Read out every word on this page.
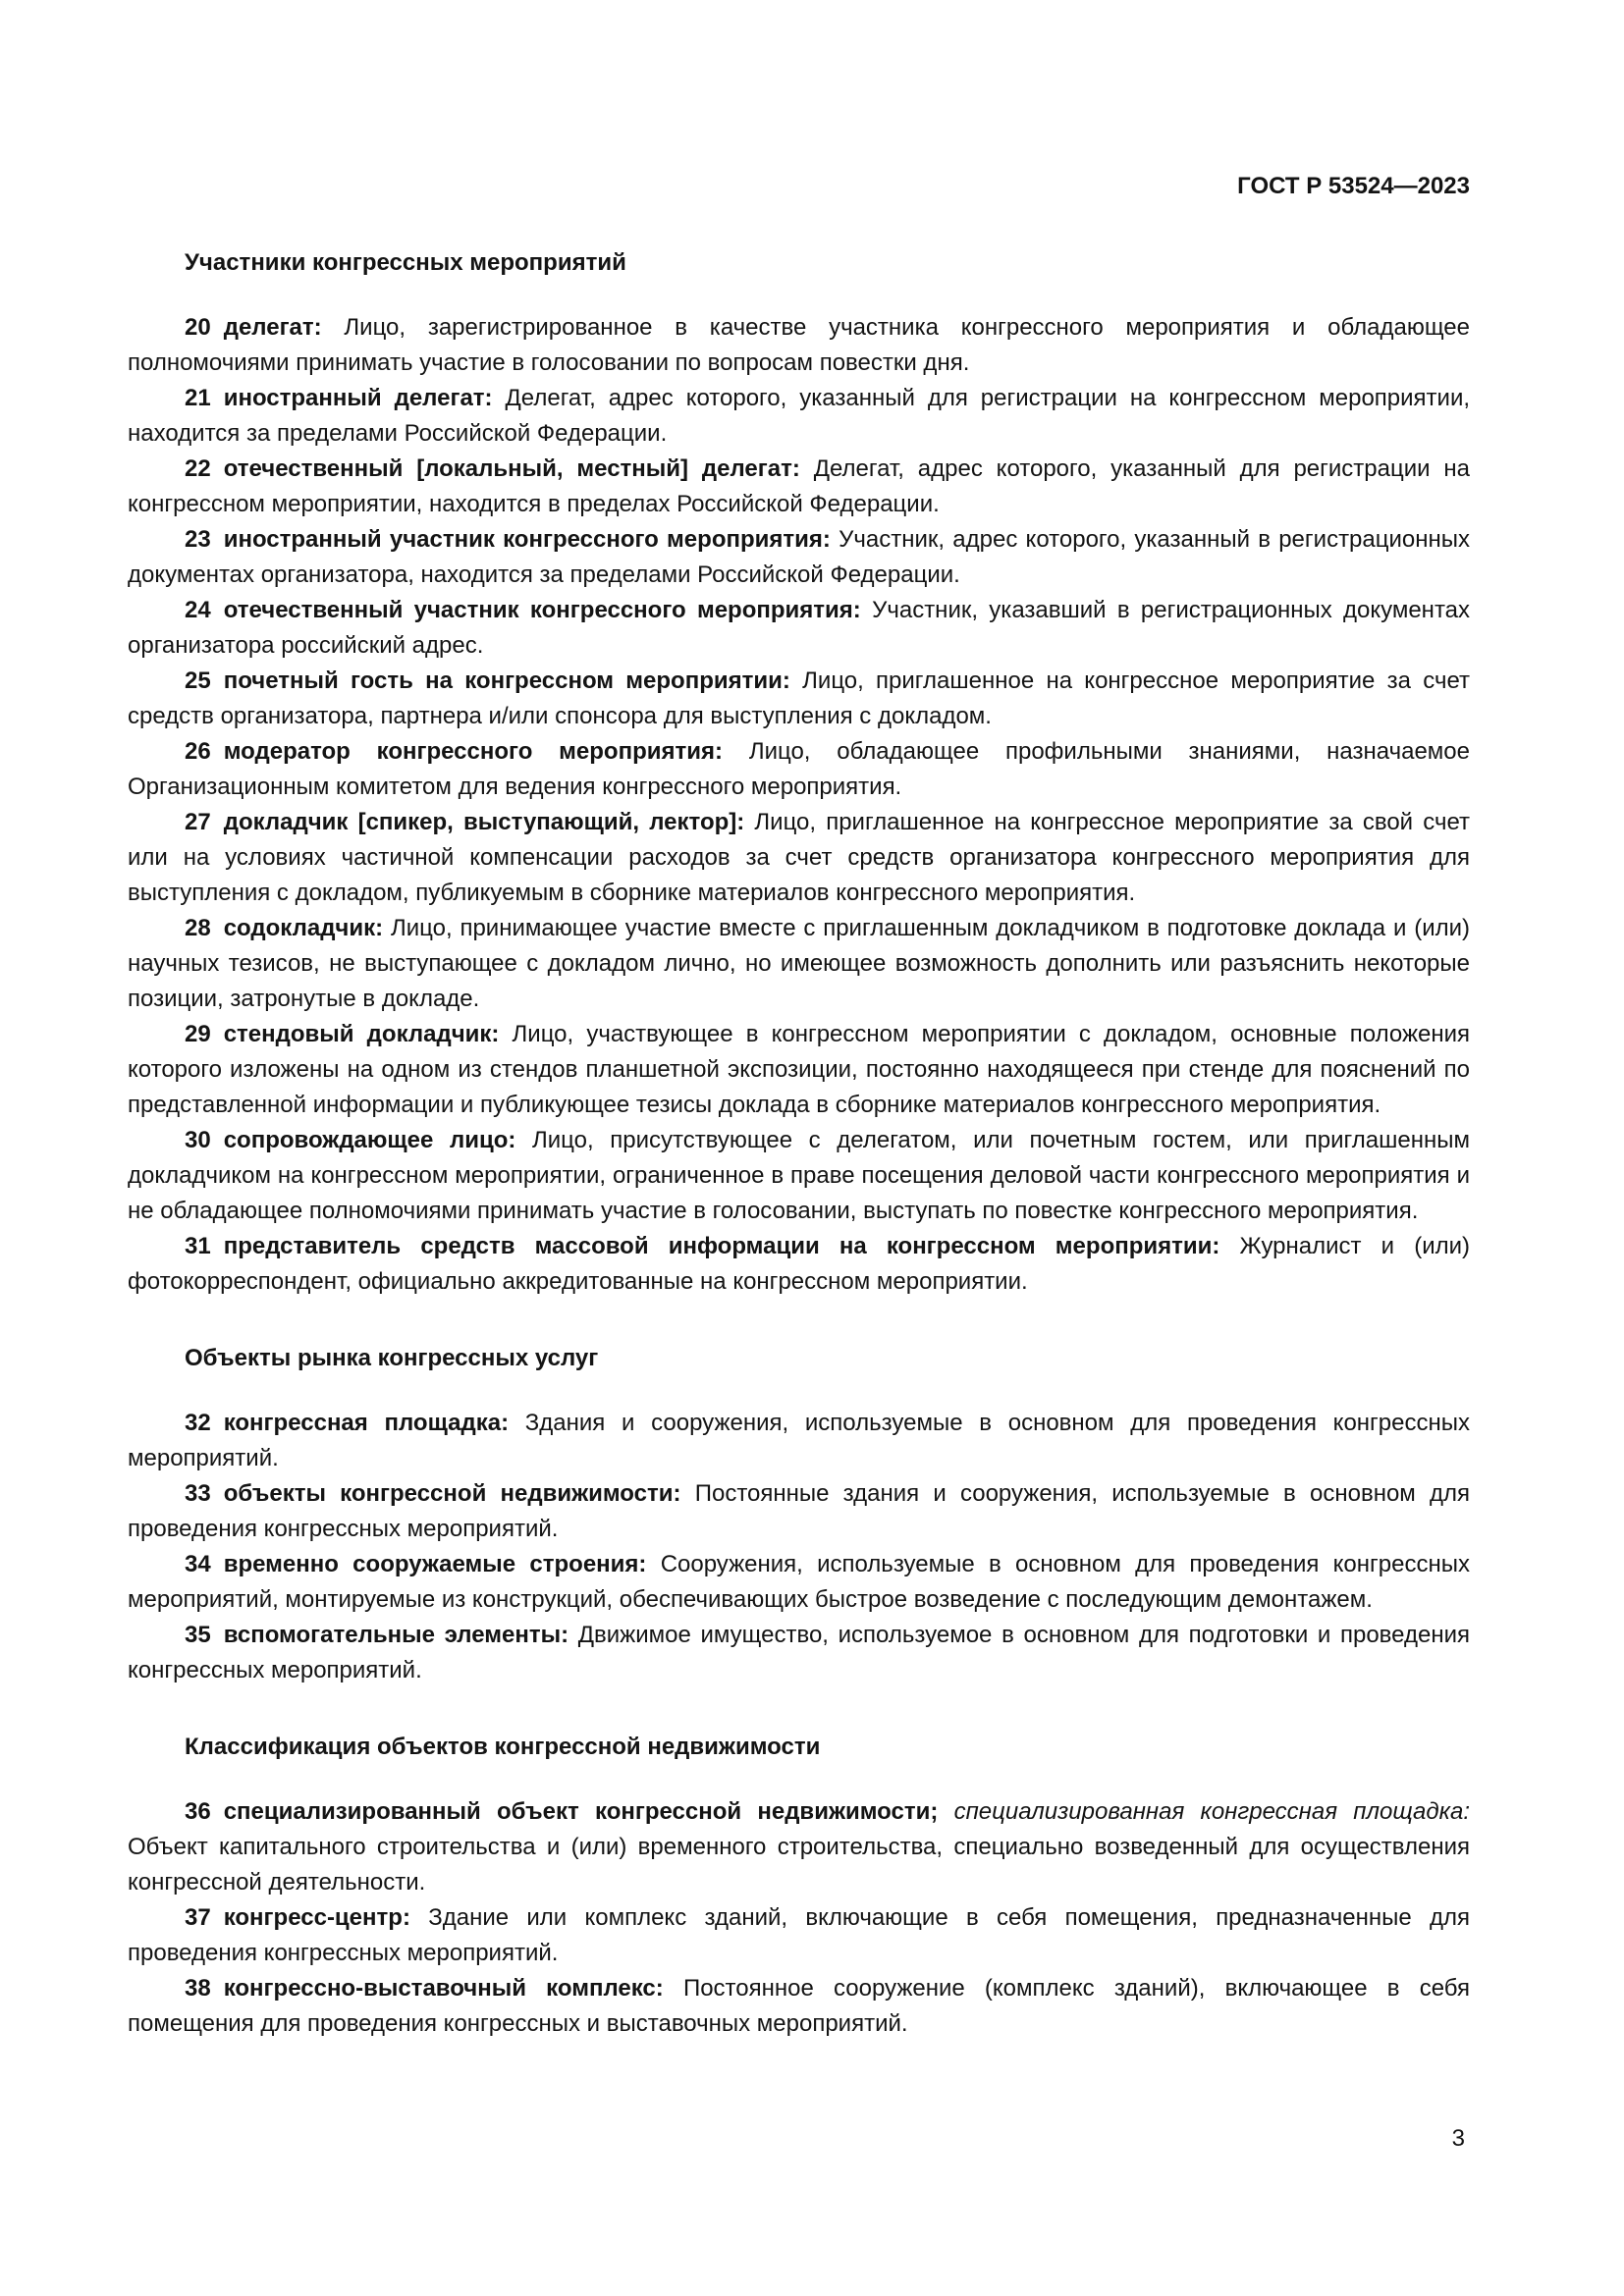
ГОСТ Р 53524—2023

Участники конгрессных мероприятий

20 делегат: Лицо, зарегистрированное в качестве участника конгрессного мероприятия и обладающее полномочиями принимать участие в голосовании по вопросам повестки дня.

21 иностранный делегат: Делегат, адрес которого, указанный для регистрации на конгрессном мероприятии, находится за пределами Российской Федерации.

22 отечественный [локальный, местный] делегат: Делегат, адрес которого, указанный для регистрации на конгрессном мероприятии, находится в пределах Российской Федерации.

23 иностранный участник конгрессного мероприятия: Участник, адрес которого, указанный в регистрационных документах организатора, находится за пределами Российской Федерации.

24 отечественный участник конгрессного мероприятия: Участник, указавший в регистрационных документах организатора российский адрес.

25 почетный гость на конгрессном мероприятии: Лицо, приглашенное на конгрессное мероприятие за счет средств организатора, партнера и/или спонсора для выступления с докладом.

26 модератор конгрессного мероприятия: Лицо, обладающее профильными знаниями, назначаемое Организационным комитетом для ведения конгрессного мероприятия.

27 докладчик [спикер, выступающий, лектор]: Лицо, приглашенное на конгрессное мероприятие за свой счет или на условиях частичной компенсации расходов за счет средств организатора конгрессного мероприятия для выступления с докладом, публикуемым в сборнике материалов конгрессного мероприятия.

28 содокладчик: Лицо, принимающее участие вместе с приглашенным докладчиком в подготовке доклада и (или) научных тезисов, не выступающее с докладом лично, но имеющее возможность дополнить или разъяснить некоторые позиции, затронутые в докладе.

29 стендовый докладчик: Лицо, участвующее в конгрессном мероприятии с докладом, основные положения которого изложены на одном из стендов планшетной экспозиции, постоянно находящееся при стенде для пояснений по представленной информации и публикующее тезисы доклада в сборнике материалов конгрессного мероприятия.

30 сопровождающее лицо: Лицо, присутствующее с делегатом, или почетным гостем, или приглашенным докладчиком на конгрессном мероприятии, ограниченное в праве посещения деловой части конгрессного мероприятия и не обладающее полномочиями принимать участие в голосовании, выступать по повестке конгрессного мероприятия.

31 представитель средств массовой информации на конгрессном мероприятии: Журналист и (или) фотокорреспондент, официально аккредитованные на конгрессном мероприятии.

Объекты рынка конгрессных услуг

32 конгрессная площадка: Здания и сооружения, используемые в основном для проведения конгрессных мероприятий.

33 объекты конгрессной недвижимости: Постоянные здания и сооружения, используемые в основном для проведения конгрессных мероприятий.

34 временно сооружаемые строения: Сооружения, используемые в основном для проведения конгрессных мероприятий, монтируемые из конструкций, обеспечивающих быстрое возведение с последующим демонтажем.

35 вспомогательные элементы: Движимое имущество, используемое в основном для подготовки и проведения конгрессных мероприятий.

Классификация объектов конгрессной недвижимости

36 специализированный объект конгрессной недвижимости; специализированная конгрессная площадка: Объект капитального строительства и (или) временного строительства, специально возведенный для осуществления конгрессной деятельности.

37 конгресс-центр: Здание или комплекс зданий, включающие в себя помещения, предназначенные для проведения конгрессных мероприятий.

38 конгрессно-выставочный комплекс: Постоянное сооружение (комплекс зданий), включающее в себя помещения для проведения конгрессных и выставочных мероприятий.

3
